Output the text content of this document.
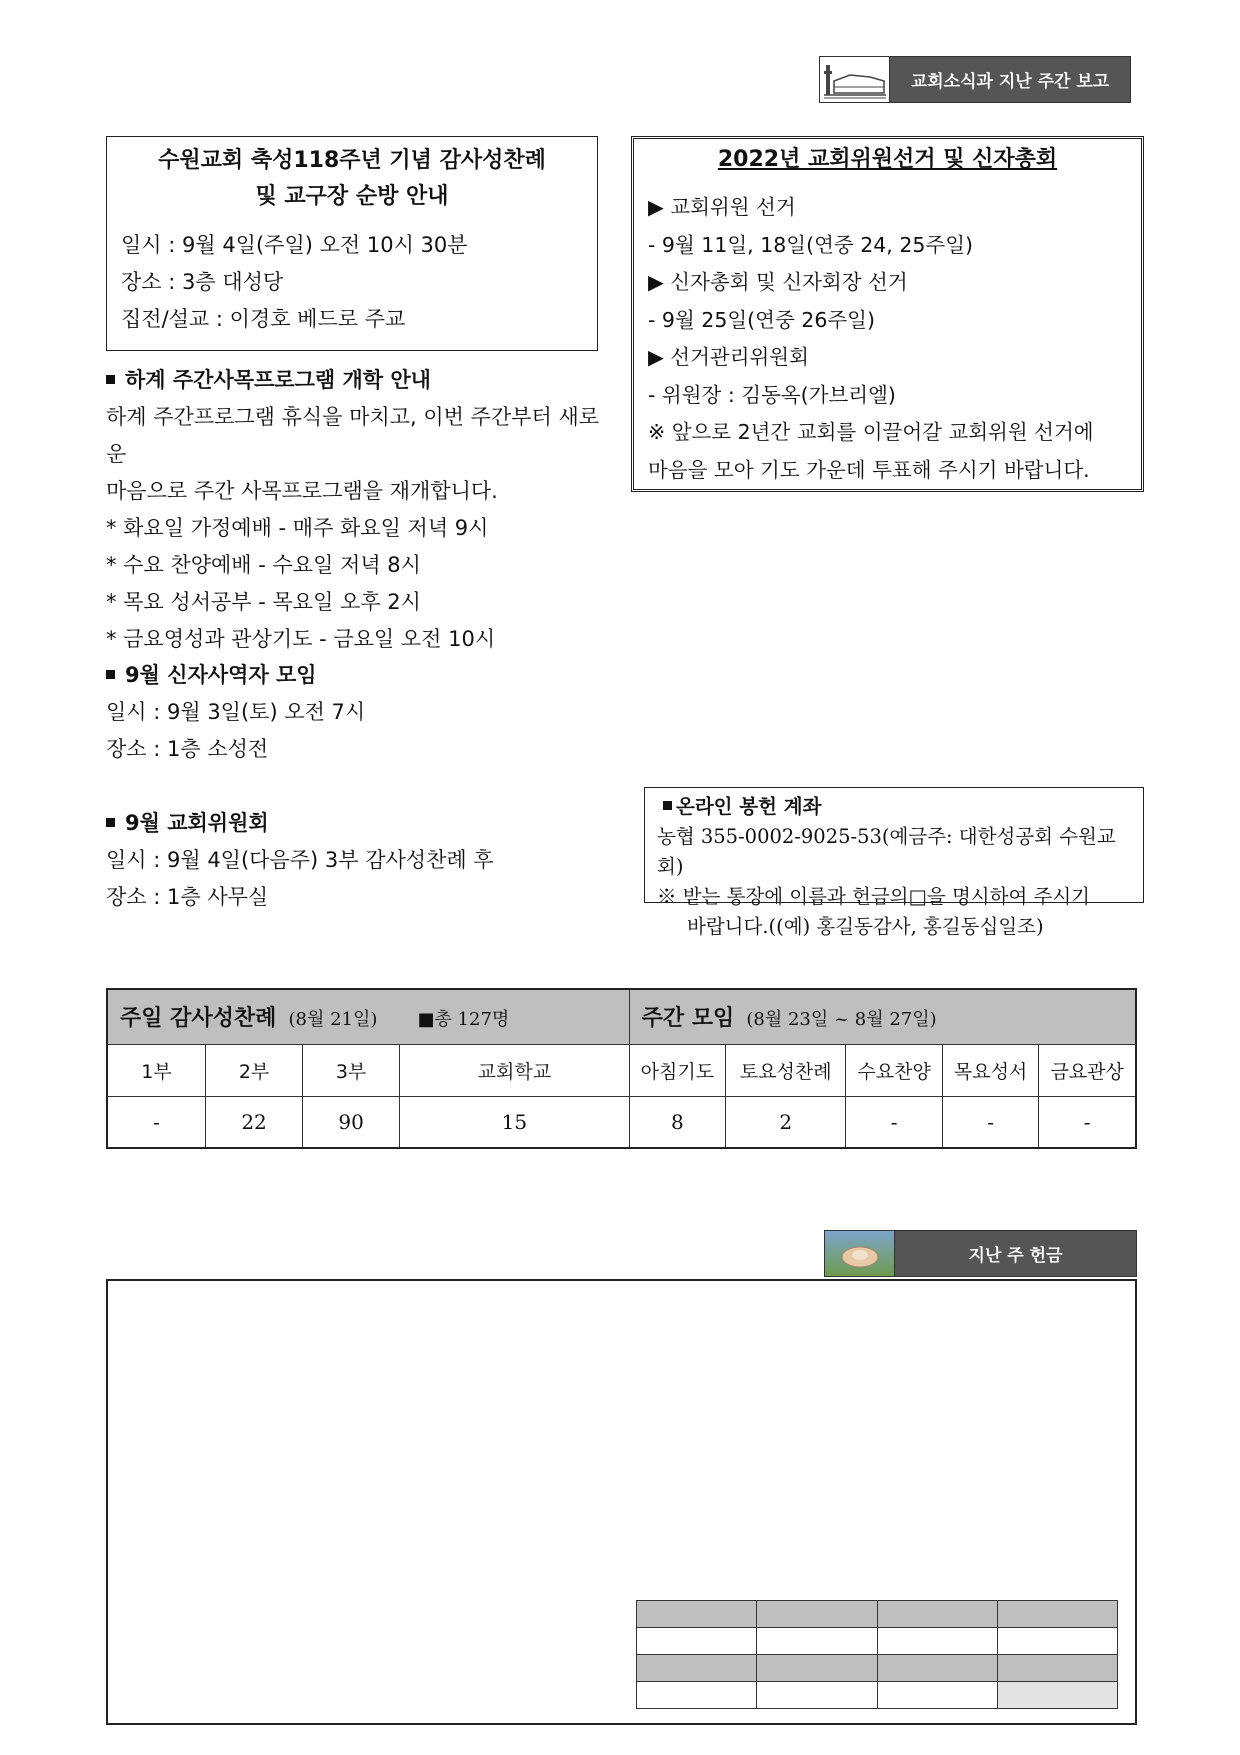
교회소식과 지난 주간 보고
수원교회 축성118주년 기념 감사성찬례
및 교구장 순방 안내
일시 : 9월 4일(주일) 오전 10시 30분
장소 : 3층 대성당
집전/설교 : 이경호 베드로 주교
2022년 교회위원선거 및 신자총회
▶ 교회위원 선거
- 9월 11일, 18일(연중 24, 25주일)
▶ 신자총회 및 신자회장 선거
- 9월 25일(연중 26주일)
▶ 선거관리위원회
- 위원장 : 김동옥(가브리엘)
※ 앞으로 2년간 교회를 이끌어갈 교회위원 선거에
마음을 모아 기도 가운데 투표해 주시기 바랍니다.
하계 주간사목프로그램 개학 안내
하계 주간프로그램 휴식을 마치고, 이번 주간부터 새로운
마음으로 주간 사목프로그램을 재개합니다.
* 화요일 가정예배 - 매주 화요일 저녁 9시
* 수요 찬양예배 - 수요일 저녁 8시
* 목요 성서공부 - 목요일 오후 2시
* 금요영성과 관상기도 - 금요일 오전 10시
9월 신자사역자 모임
일시 : 9월 3일(토) 오전 7시
장소 : 1층 소성전
9월 교회위원회
일시 : 9월 4일(다음주) 3부 감사성찬례 후
장소 : 1층 사무실
온라인 봉헌 계좌
농협 355-0002-9025-53(예금주: 대한성공회 수원교회)
※ 받는 통장에 이름과 헌금의□을 명시하여 주시기
바랍니다.((예) 홍길동감사, 홍길동십일조)
주일 감사성찬례 (8월 21일) ■총 127명				주간 모임 (8월 23일 ~ 8월 27일)				
1부	2부	3부	교회학교	아침기도	토요성찬례	수요찬양	목요성서	금요관상
-	22	90	15	8	2	-	-	-
지난 주 헌금
